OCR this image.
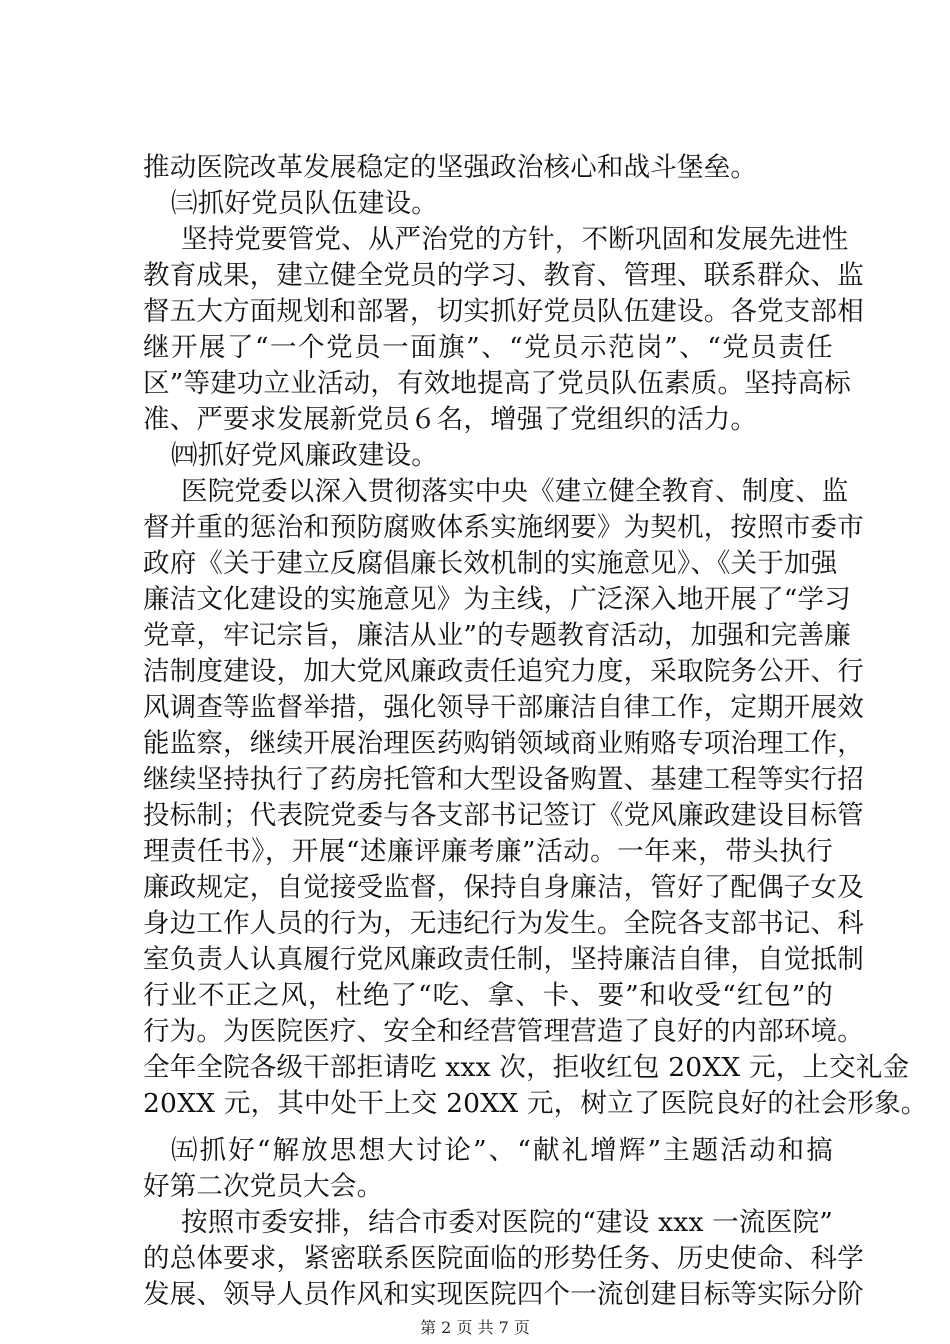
推动医院改革发展稳定的坚强政治核心和战斗堡垒。
㈢抓好党员队伍建设。
坚持党要管党、从严治党的方针，不断巩固和发展先进性
教育成果，建立健全党员的学习、教育、管理、联系群众、监
督五大方面规划和部署，切实抓好党员队伍建设。各党支部相
继开展了“一个党员一面旗”、“党员示范岗”、“党员责任
区”等建功立业活动，有效地提高了党员队伍素质。坚持高标
准、严要求发展新党员６名，增强了党组织的活力。
㈣抓好党风廉政建设。
医院党委以深入贯彻落实中央《建立健全教育、制度、监
督并重的惩治和预防腐败体系实施纲要》为契机，按照市委市
政府《关于建立反腐倡廉长效机制的实施意见》、《关于加强
廉洁文化建设的实施意见》为主线，广泛深入地开展了“学习
党章，牢记宗旨，廉洁从业”的专题教育活动，加强和完善廉
洁制度建设，加大党风廉政责任追究力度，采取院务公开、行
风调查等监督举措，强化领导干部廉洁自律工作，定期开展效
能监察，继续开展治理医药购销领域商业贿赂专项治理工作，
继续坚持执行了药房托管和大型设备购置、基建工程等实行招
投标制；代表院党委与各支部书记签订《党风廉政建设目标管
理责任书》，开展“述廉评廉考廉”活动。一年来，带头执行
廉政规定，自觉接受监督，保持自身廉洁，管好了配偶子女及
身边工作人员的行为，无违纪行为发生。全院各支部书记、科
室负责人认真履行党风廉政责任制，坚持廉洁自律，自觉抵制
行业不正之风，杜绝了“吃、拿、卡、要”和收受“红包”的
行为。为医院医疗、安全和经营管理营造了良好的内部环境。
全年全院各级干部拒请吃 xxx 次，拒收红包 20XX 元，上交礼金
20XX 元，其中处干上交 20XX 元，树立了医院良好的社会形象。
㈤抓好“解放思想大讨论”、“献礼增辉”主题活动和搞
好第二次党员大会。
按照市委安排，结合市委对医院的“建设 xxx 一流医院”
的总体要求，紧密联系医院面临的形势任务、历史使命、科学
发展、领导人员作风和实现医院四个一流创建目标等实际分阶
第 2 页 共 7 页
